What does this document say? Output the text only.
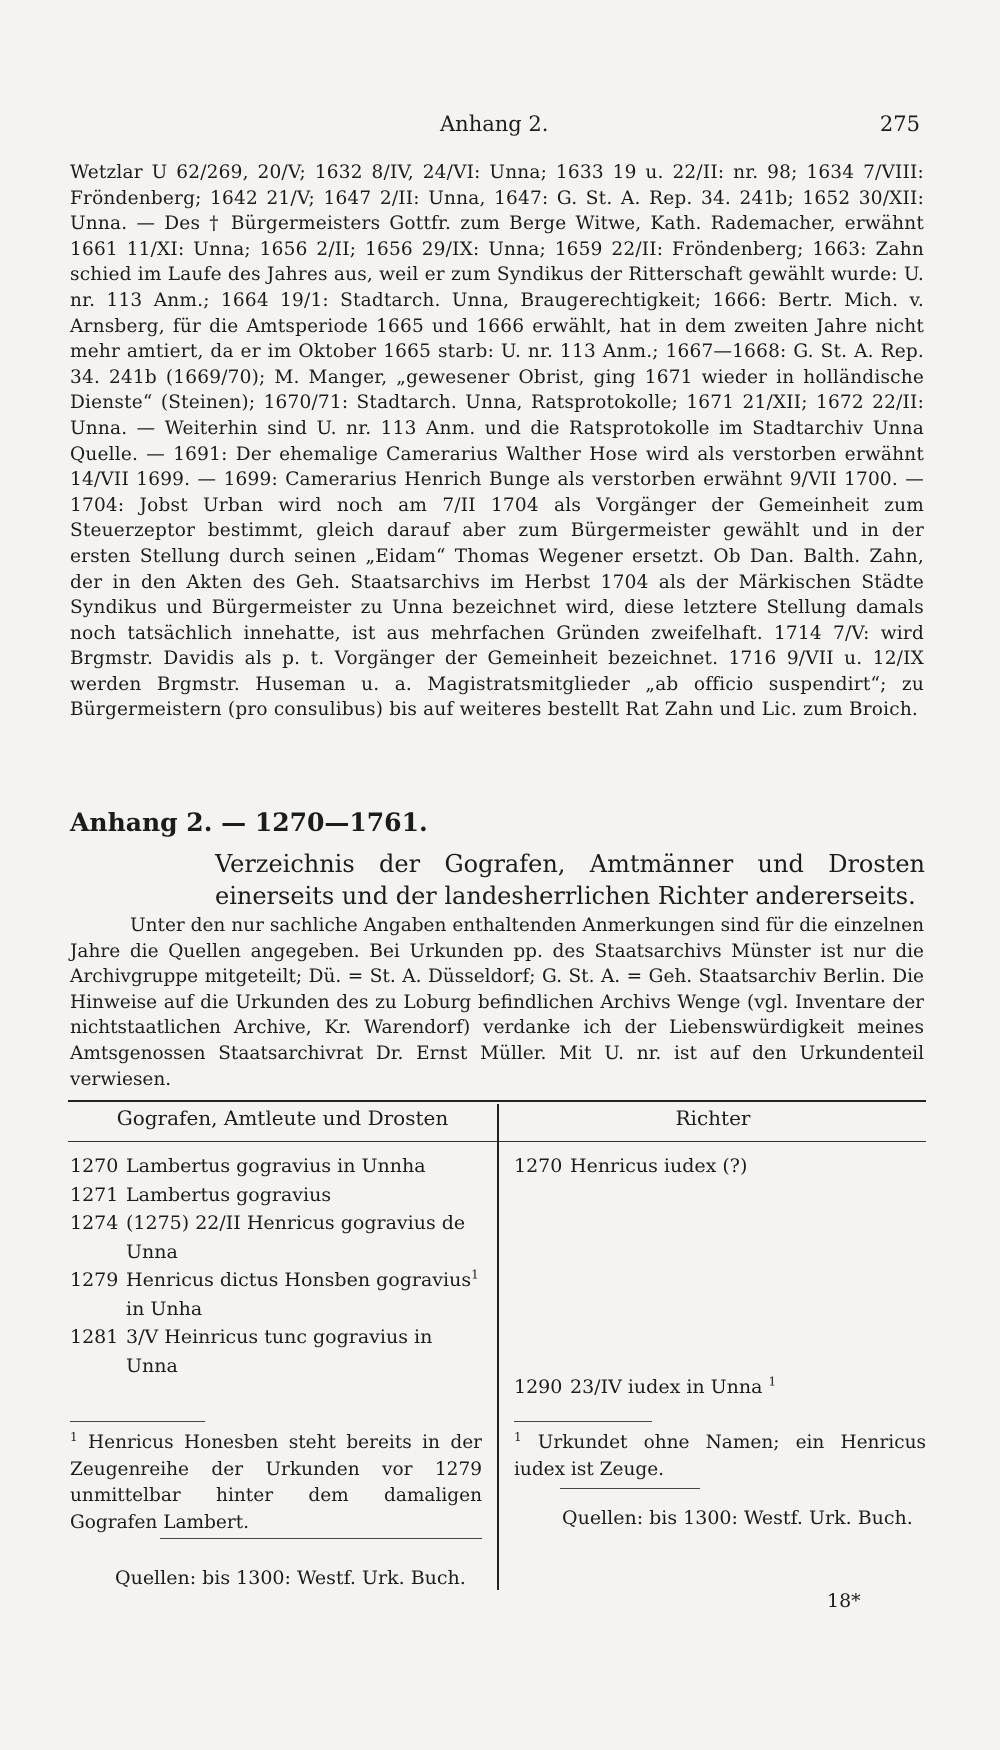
Anhang 2.	275

Wetzlar U 62/269, 20/V; 1632 8/IV, 24/VI: Unna; 1633 19 u. 22/II: nr. 98; 1634 7/VIII: Fröndenberg; 1642 21/V; 1647 2/II: Unna, 1647: G. St. A. Rep. 34. 241b; 1652 30/XII: Unna. — Des † Bürgermeisters Gottfr. zum Berge Witwe, Kath. Rademacher, erwähnt 1661 11/XI: Unna; 1656 2/II; 1656 29/IX: Unna; 1659 22/II: Fröndenberg; 1663: Zahn schied im Laufe des Jahres aus, weil er zum Syndikus der Ritterschaft gewählt wurde: U. nr. 113 Anm.; 1664 19/1: Stadtarch. Unna, Braugerechtigkeit; 1666: Bertr. Mich. v. Arnsberg, für die Amtsperiode 1665 und 1666 erwählt, hat in dem zweiten Jahre nicht mehr amtiert, da er im Oktober 1665 starb: U. nr. 113 Anm.; 1667—1668: G. St. A. Rep. 34. 241b (1669/70); M. Manger, „gewesener Obrist, ging 1671 wieder in holländische Dienste“ (Steinen); 1670/71: Stadtarch. Unna, Ratsprotokolle; 1671 21/XII; 1672 22/II: Unna. — Weiterhin sind U. nr. 113 Anm. und die Ratsprotokolle im Stadtarchiv Unna Quelle. — 1691: Der ehemalige Camerarius Walther Hose wird als verstorben erwähnt 14/VII 1699. — 1699: Camerarius Henrich Bunge als verstorben erwähnt 9/VII 1700. — 1704: Jobst Urban wird noch am 7/II 1704 als Vorgänger der Gemeinheit zum Steuerzeptor bestimmt, gleich darauf aber zum Bürgermeister gewählt und in der ersten Stellung durch seinen „Eidam“ Thomas Wegener ersetzt. Ob Dan. Balth. Zahn, der in den Akten des Geh. Staatsarchivs im Herbst 1704 als der Märkischen Städte Syndikus und Bürgermeister zu Unna bezeichnet wird, diese letztere Stellung damals noch tatsächlich innehatte, ist aus mehrfachen Gründen zweifelhaft. 1714 7/V: wird Brgmstr. Davidis als p. t. Vorgänger der Gemeinheit bezeichnet. 1716 9/VII u. 12/IX werden Brgmstr. Huseman u. a. Magistratsmitglieder „ab officio suspendirt“; zu Bürgermeistern (pro consulibus) bis auf weiteres bestellt Rat Zahn und Lic. zum Broich.

Anhang 2. — 1270—1761.
Verzeichnis der Gografen, Amtmänner und Drosten einerseits und der landesherrlichen Richter andererseits.
Unter den nur sachliche Angaben enthaltenden Anmerkungen sind für die einzelnen Jahre die Quellen angegeben. Bei Urkunden pp. des Staatsarchivs Münster ist nur die Archivgruppe mitgeteilt; Dü. = St. A. Düsseldorf; G. St. A. = Geh. Staatsarchiv Berlin. Die Hinweise auf die Urkunden des zu Loburg befindlichen Archivs Wenge (vgl. Inventare der nichtstaatlichen Archive, Kr. Warendorf) verdanke ich der Liebenswürdigkeit meines Amtsgenossen Staatsarchivrat Dr. Ernst Müller. Mit U. nr. ist auf den Urkundenteil verwiesen.
Gografen, Amtleute und Drosten	Richter
1270 Lambertus gogravius in Unnha
1271 Lambertus gogravius
1274 (1275) 22/II Henricus gogravius de Unna
1279 Henricus dictus Honsben gogravius$^1$ in Unha
1281 3/V Heinricus tunc gogravius in Unna
1270 Henricus iudex (?)
1290 23/IV iudex in Unna $^1$
$^1$ Henricus Honesben steht bereits in der Zeugenreihe der Urkunden vor 1279 unmittelbar hinter dem damaligen Gografen Lambert.
$^1$ Urkundet ohne Namen; ein Henricus iudex ist Zeuge.
Quellen: bis 1300: Westf. Urk. Buch.
Quellen: bis 1300: Westf. Urk. Buch.
18*
